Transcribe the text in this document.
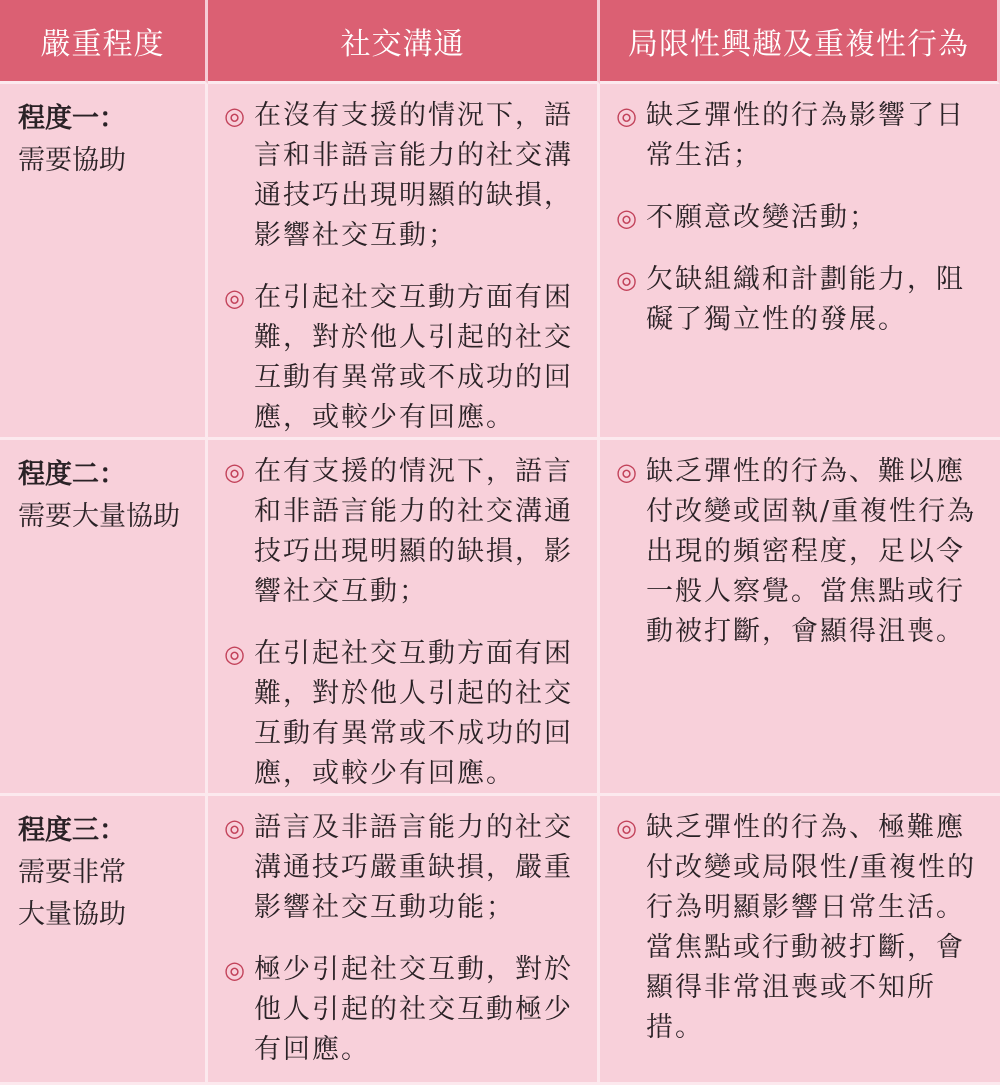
嚴重程度	社交溝通	局限性興趣及重複性行為
程度一：
需要協助
◎ 在沒有支援的情況下，語言和非語言能力的社交溝通技巧出現明顯的缺損，影響社交互動；
◎ 在引起社交互動方面有困難，對於他人引起的社交互動有異常或不成功的回應，或較少有回應。
◎ 缺乏彈性的行為影響了日常生活；
◎ 不願意改變活動；
◎ 欠缺組織和計劃能力，阻礙了獨立性的發展。
程度二：
需要大量協助
◎ 在有支援的情況下，語言和非語言能力的社交溝通技巧出現明顯的缺損，影響社交互動；
◎ 在引起社交互動方面有困難，對於他人引起的社交互動有異常或不成功的回應，或較少有回應。
◎ 缺乏彈性的行為、難以應付改變或固執/重複性行為出現的頻密程度，足以令一般人察覺。當焦點或行動被打斷，會顯得沮喪。
程度三：
需要非常
大量協助
◎ 語言及非語言能力的社交溝通技巧嚴重缺損，嚴重影響社交互動功能；
◎ 極少引起社交互動，對於他人引起的社交互動極少有回應。
◎ 缺乏彈性的行為、極難應付改變或局限性/重複性的行為明顯影響日常生活。當焦點或行動被打斷，會顯得非常沮喪或不知所措。
